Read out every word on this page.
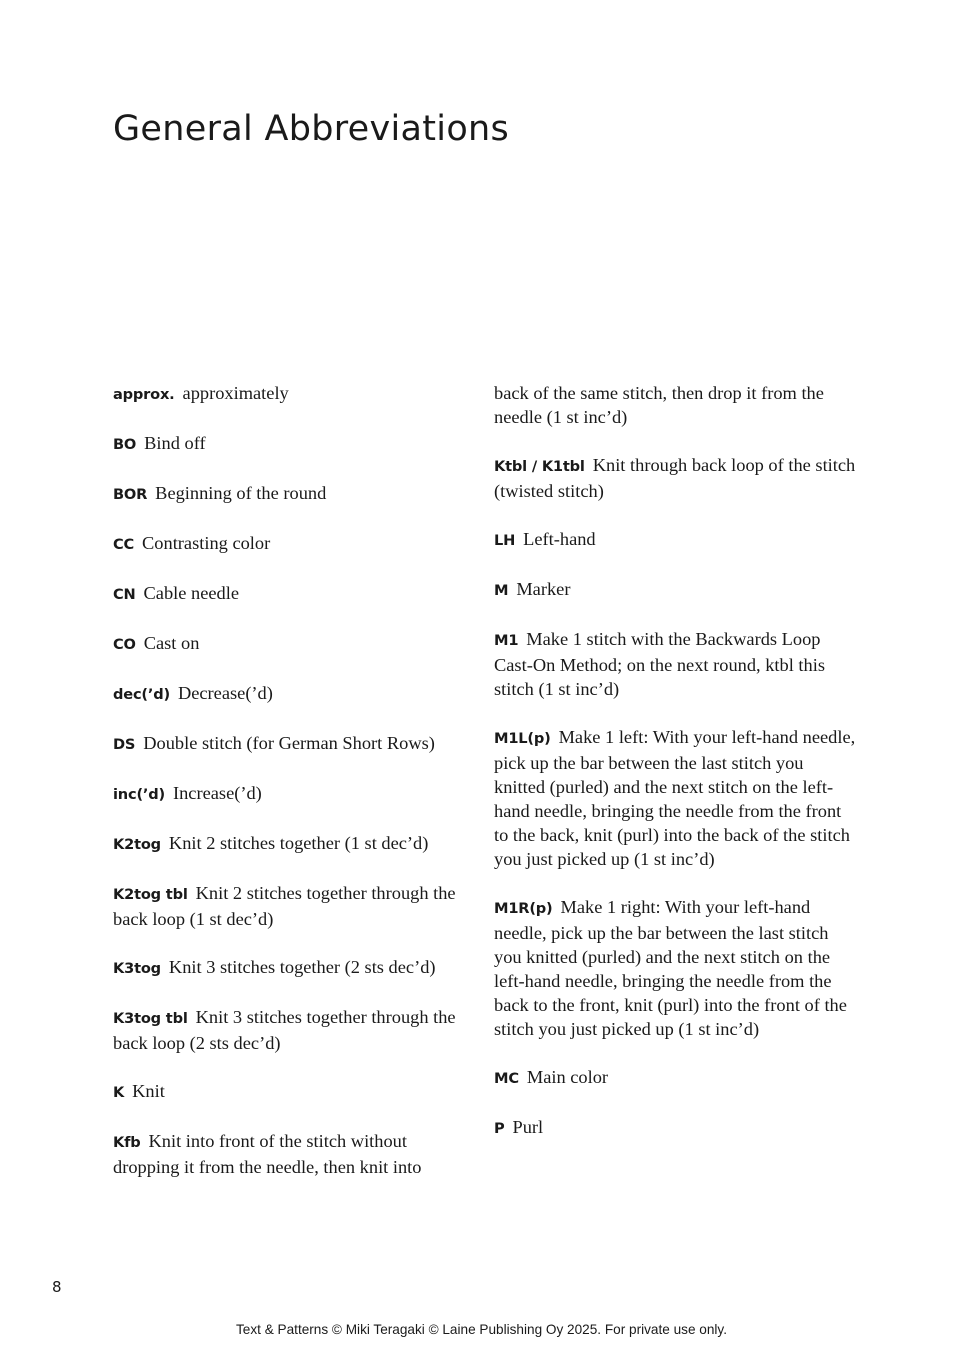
General Abbreviations

approx. approximately

BO Bind off

BOR Beginning of the round

CC Contrasting color

CN Cable needle

CO Cast on

dec(’d) Decrease(’d)

DS Double stitch (for German Short Rows)

inc(’d) Increase(’d)

K2tog Knit 2 stitches together (1 st dec’d)

K2tog tbl Knit 2 stitches together through the back loop (1 st dec’d)

K3tog Knit 3 stitches together (2 sts dec’d)

K3tog tbl Knit 3 stitches together through the back loop (2 sts dec’d)

K Knit

Kfb Knit into front of the stitch without dropping it from the needle, then knit into

back of the same stitch, then drop it from the needle (1 st inc’d)

Ktbl / K1tbl Knit through back loop of the stitch (twisted stitch)

LH Left-hand

M Marker

M1 Make 1 stitch with the Backwards Loop Cast-On Method; on the next round, ktbl this stitch (1 st inc’d)

M1L(p) Make 1 left: With your left-hand needle, pick up the bar between the last stitch you knitted (purled) and the next stitch on the left-hand needle, bringing the needle from the front to the back, knit (purl) into the back of the stitch you just picked up (1 st inc’d)

M1R(p) Make 1 right: With your left-hand needle, pick up the bar between the last stitch you knitted (purled) and the next stitch on the left-hand needle, bringing the needle from the back to the front, knit (purl) into the front of the stitch you just picked up (1 st inc’d)

MC Main color

P Purl

8
Text & Patterns © Miki Teragaki © Laine Publishing Oy 2025. For private use only.
